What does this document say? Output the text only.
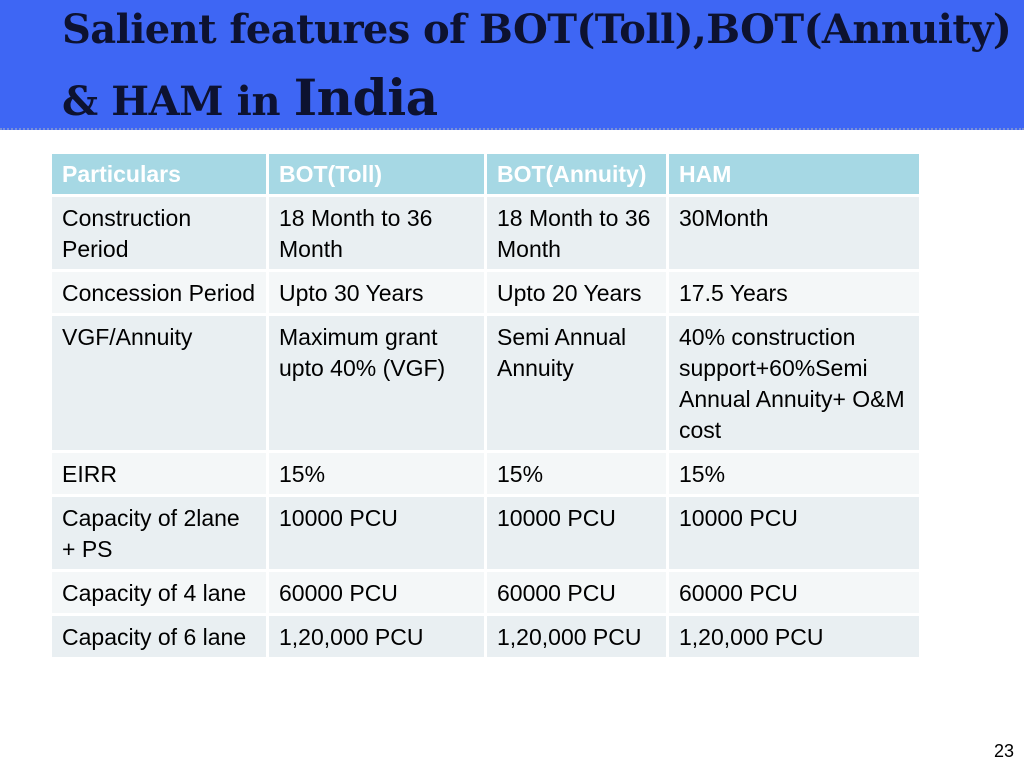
Salient features of BOT(Toll),BOT(Annuity)
& HAM in India
Particulars	BOT(Toll)	BOT(Annuity)	HAM
Construction Period	18 Month to 36 Month	18 Month to 36 Month	30Month
Concession Period	Upto 30 Years	Upto 20 Years	17.5 Years
VGF/Annuity	Maximum grant upto 40% (VGF)	Semi Annual Annuity	40% construction support+60%Semi Annual Annuity+ O&M cost
EIRR	15%	15%	15%
Capacity of 2lane + PS	10000 PCU	10000 PCU	10000 PCU
Capacity of 4 lane	60000 PCU	60000 PCU	60000 PCU
Capacity of 6 lane	1,20,000 PCU	1,20,000 PCU	1,20,000 PCU
23
